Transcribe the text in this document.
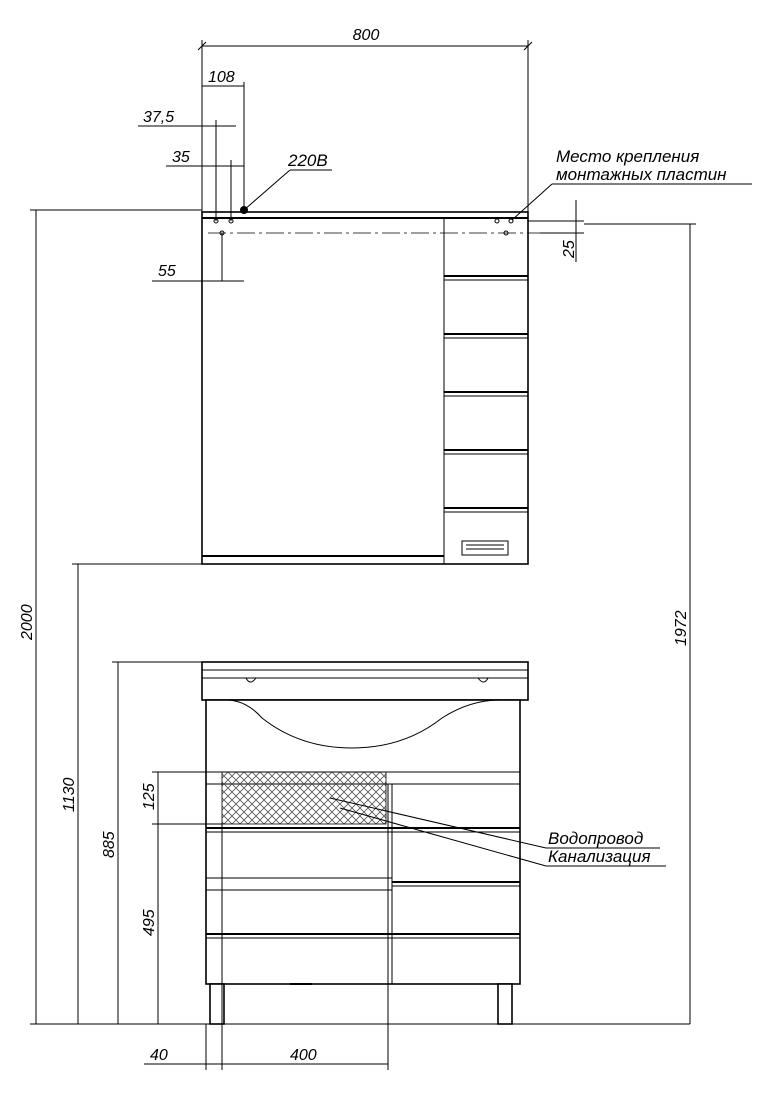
800
108
37,5
35	220В	Место крепления
монтажных пластин
55
25
2000	1972
1130
885
125
495
40	400
Водопровод
Канализация
